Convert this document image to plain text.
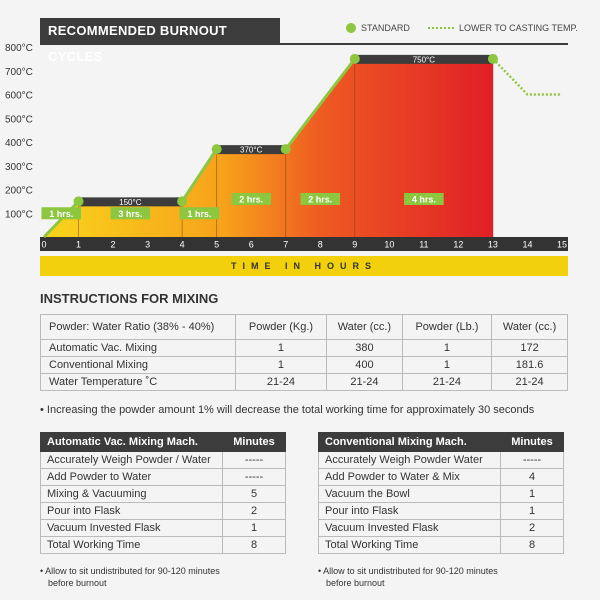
RECOMMENDED BURNOUT CYCLES
STANDARD	LOWER TO CASTING TEMP.
100°C
200°C
300°C
400°C
500°C
600°C
700°C
800°C
0	1	2	3	4	5	6	7	8	9	10	11	12	13	14	15
150°C
370°C
750°C
1 hrs.	3 hrs.	1 hrs.
2 hrs.	2 hrs.	4 hrs.
TIME IN HOURS
INSTRUCTIONS FOR MIXING
Powder: Water Ratio (38% - 40%)	Powder (Kg.)	Water (cc.)	Powder (Lb.)	Water (cc.)
Automatic Vac. Mixing	1	380	1	172
Conventional Mixing	1	400	1	181.6
Water Temperature ˚C	21-24	21-24	21-24	21-24
• Increasing the powder amount 1% will decrease the total working time for approximately 30 seconds
Automatic Vac. Mixing Mach.	Minutes
Accurately Weigh Powder / Water	-----
Add Powder to Water	-----
Mixing & Vacuuming	5
Pour into Flask	2
Vacuum Invested Flask	1
Total Working Time	8
Conventional Mixing Mach.	Minutes
Accurately Weigh Powder Water	-----
Add Powder to Water & Mix	4
Vacuum the Bowl	1
Pour into Flask	1
Vacuum Invested Flask	2
Total Working Time	8
• Allow to sit undistributed for 90-120 minutes
before burnout
• Allow to sit undistributed for 90-120 minutes
before burnout
